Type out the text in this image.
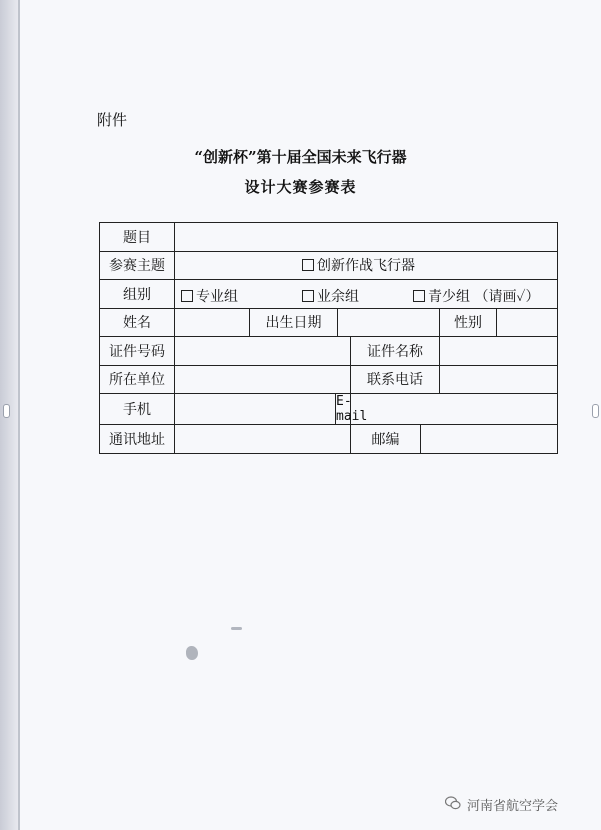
附件
“创新杯”第十届全国未来飞行器
设计大赛参赛表
题目								
参赛主题	创新作战飞行器							
组别	专业组 业余组 青少组 （请画✓）							

姓名		出生日期					性别	
证件号码					证件名称			
所在单位					联系电话			
手机			E-mail					
通讯地址					邮编			
河南省航空学会
